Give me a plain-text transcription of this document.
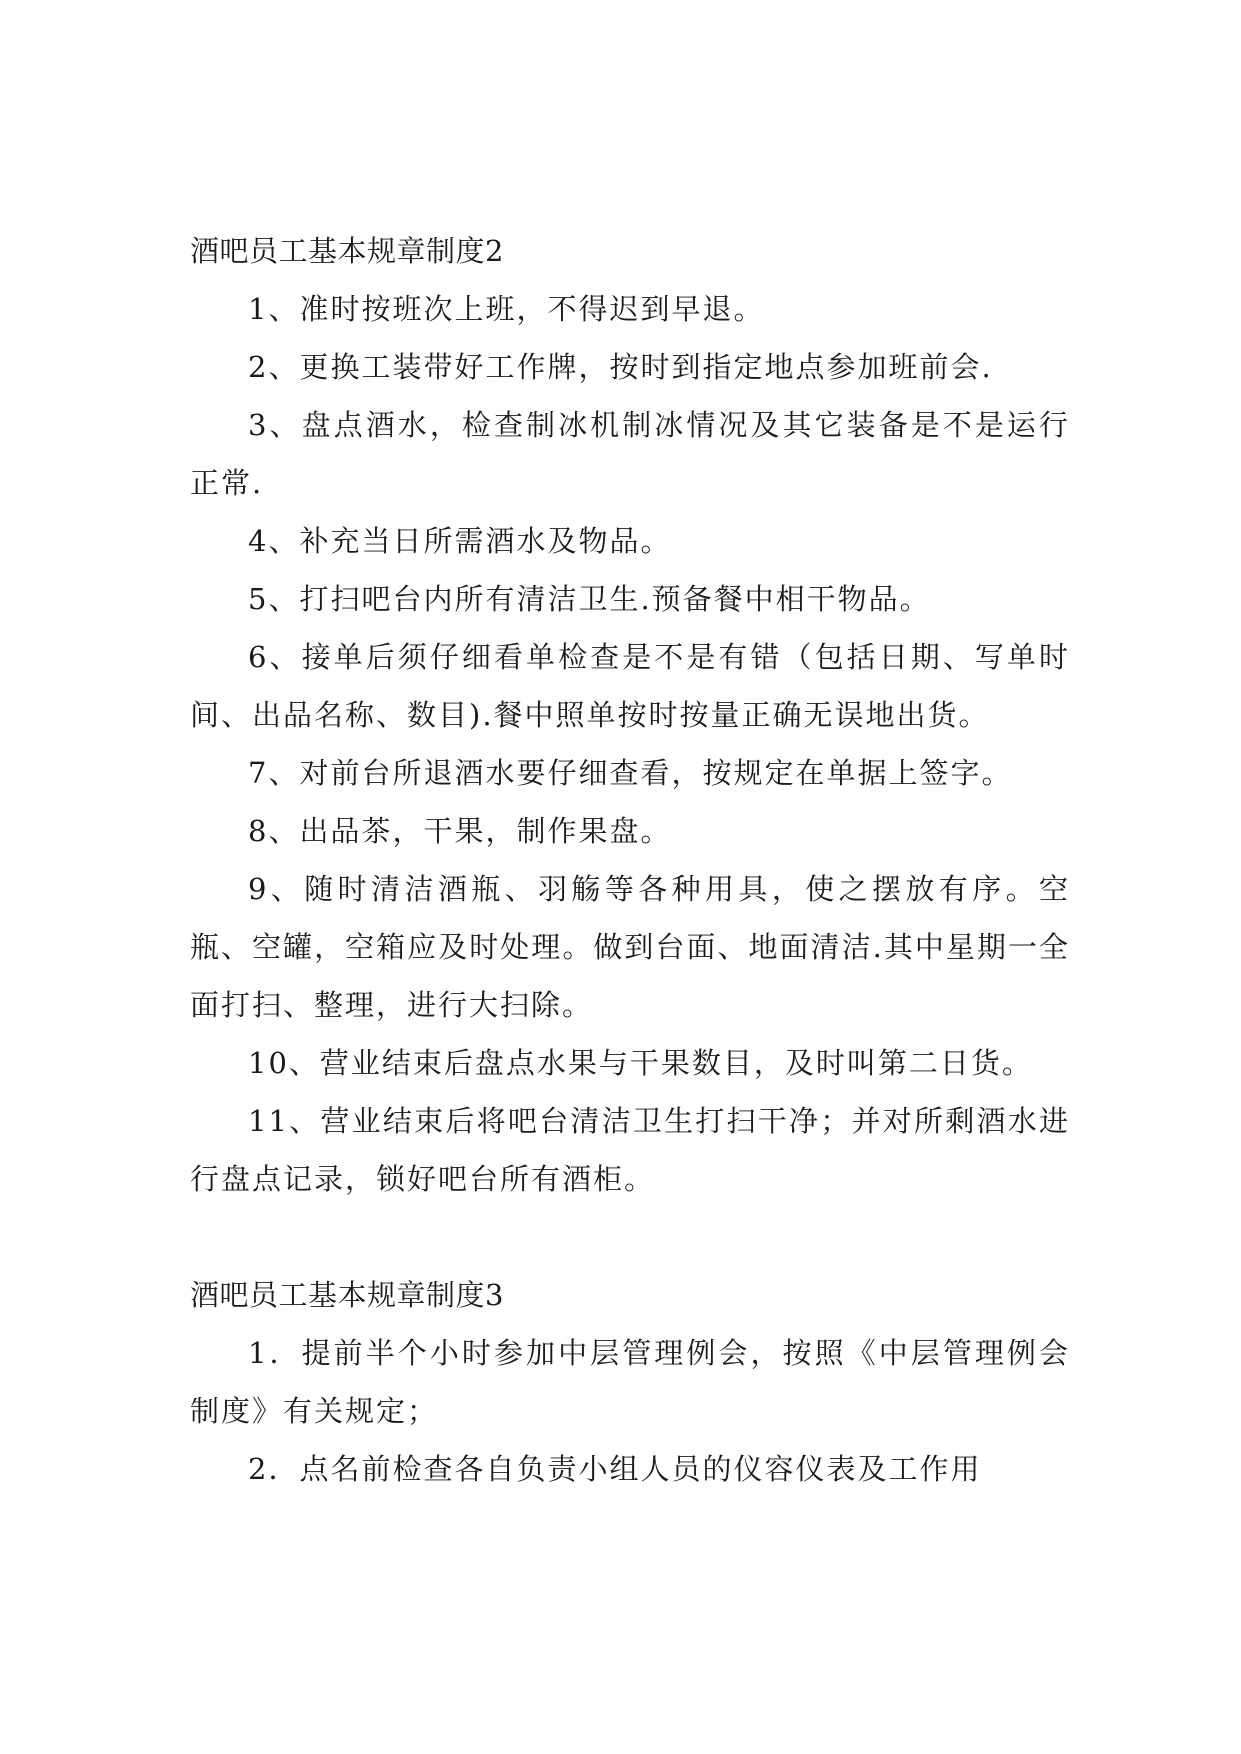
酒吧员工基本规章制度2

1、准时按班次上班，不得迟到早退。

2、更换工装带好工作牌，按时到指定地点参加班前会.

3、盘点酒水，检查制冰机制冰情况及其它装备是不是运行正常.

4、补充当日所需酒水及物品。

5、打扫吧台内所有清洁卫生.预备餐中相干物品。

6、接单后须仔细看单检查是不是有错（包括日期、写单时间、出品名称、数目).餐中照单按时按量正确无误地出货。

7、对前台所退酒水要仔细查看，按规定在单据上签字。

8、出品茶，干果，制作果盘。

9、随时清洁酒瓶、羽觞等各种用具，使之摆放有序。空瓶、空罐，空箱应及时处理。做到台面、地面清洁.其中星期一全面打扫、整理，进行大扫除。

10、营业结束后盘点水果与干果数目，及时叫第二日货。

11、营业结束后将吧台清洁卫生打扫干净；并对所剩酒水进行盘点记录，锁好吧台所有酒柜。

酒吧员工基本规章制度3

1．提前半个小时参加中层管理例会，按照《中层管理例会制度》有关规定；

2．点名前检查各自负责小组人员的仪容仪表及工作用
